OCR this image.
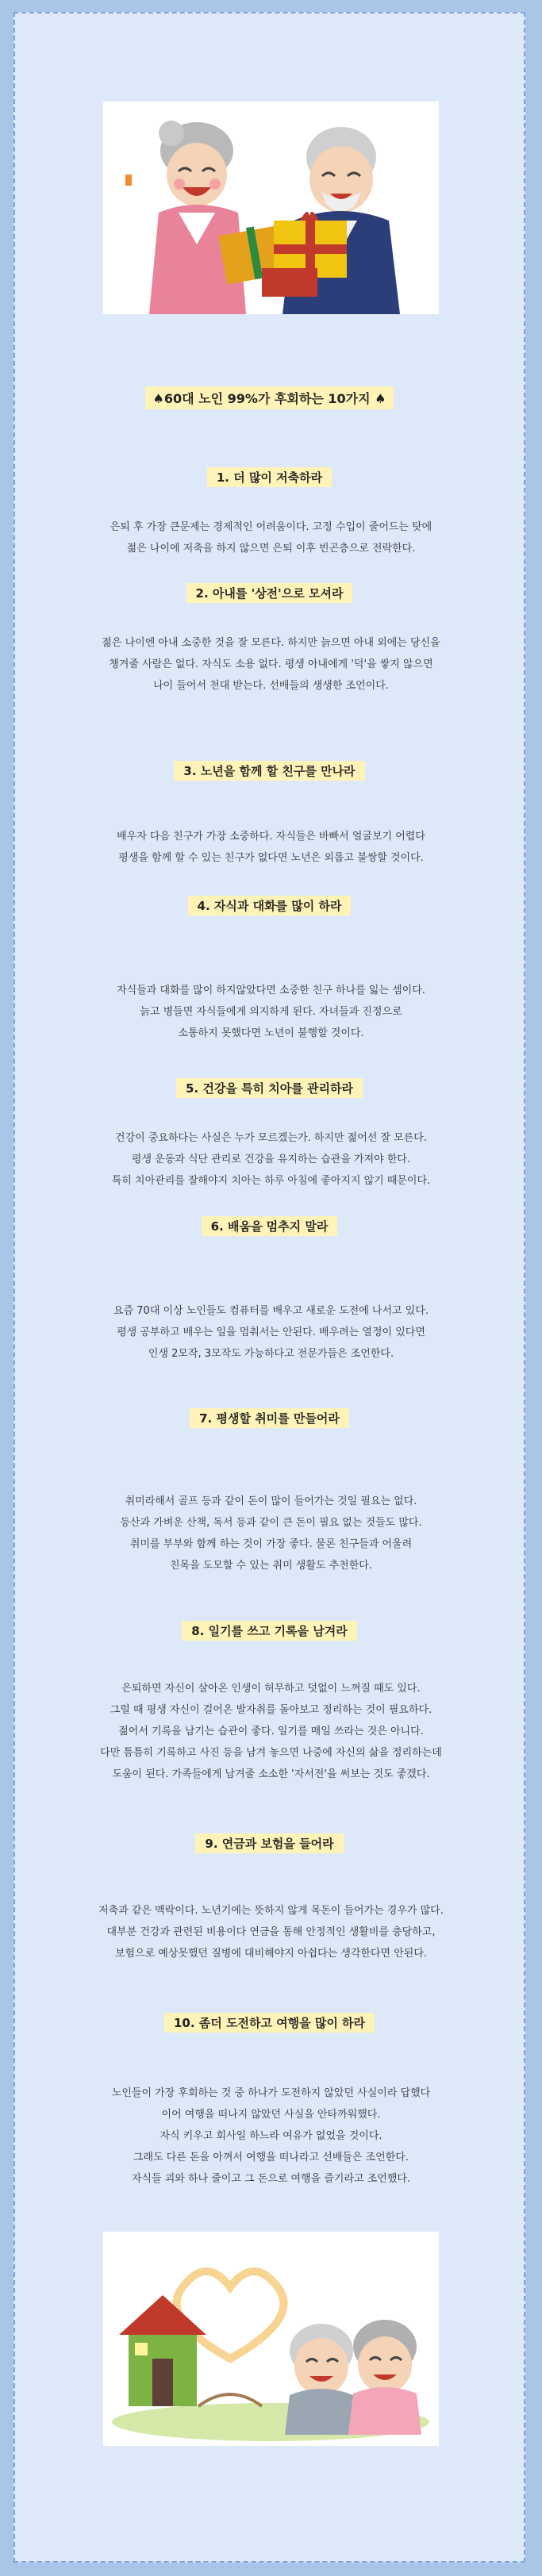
♠60대 노인 99%가 후회하는 10가지 ♠
1. 더 많이 저축하라
은퇴 후 가장 큰문제는 경제적인 어려움이다. 고정 수입이 줄어드는 탓에
젊은 나이에 저축을 하지 않으면 은퇴 이후 빈곤층으로 전락한다.
2. 아내를 '상전'으로 모셔라
젊은 나이엔 아내 소중한 것을 잘 모른다. 하지만 늙으면 아내 외에는 당신을
챙겨줄 사람은 없다. 자식도 소용 없다. 평생 아내에게 '덕'을 쌓지 않으면
나이 들어서 천대 받는다. 선배들의 생생한 조언이다.
3. 노년을 함께 할 친구를 만나라
배우자 다음 친구가 가장 소중하다. 자식들은 바빠서 얼굴보기 어렵다
평생을 함께 할 수 있는 친구가 없다면 노년은 외롭고 불쌍할 것이다.
4. 자식과 대화를 많이 하라
자식들과 대화를 많이 하지않았다면 소중한 친구 하나를 잃는 셈이다.
늙고 병들면 자식들에게 의지하게 된다. 자녀들과 진정으로
소통하지 못했다면 노년이 불행할 것이다.
5. 건강을 특히 치아를 관리하라
건강이 중요하다는 사실은 누가 모르겠는가. 하지만 젊어선 잘 모른다.
평생 운동과 식단 관리로 건강을 유지하는 습관을 가져야 한다.
특히 치아관리를 잘해야지 치아는 하루 아침에 좋아지지 않기 때문이다.
6. 배움을 멈추지 말라
요즘 70대 이상 노인들도 컴퓨터를 배우고 새로운 도전에 나서고 있다.
평생 공부하고 배우는 일을 멈춰서는 안된다. 배우려는 열정이 있다면
인생 2모작, 3모작도 가능하다고 전문가들은 조언한다.
7. 평생할 취미를 만들어라
취미라해서 골프 등과 같이 돈이 많이 들어가는 것일 필요는 없다.
등산과 가벼운 산책, 독서 등과 같이 큰 돈이 필요 없는 것들도 많다.
취미를 부부와 함께 하는 것이 가장 좋다. 물론 친구들과 어울려
친목을 도모할 수 있는 취미 생활도 추천한다.
8. 일기를 쓰고 기록을 남겨라
은퇴하면 자신이 살아온 인생이 허무하고 덧없이 느껴질 때도 있다.
그럴 때 평생 자신이 걸어온 발자취를 돌아보고 정리하는 것이 필요하다.
젊어서 기록을 남기는 습관이 좋다. 일기를 매일 쓰라는 것은 아니다.
다만 틈틈히 기록하고 사진 등을 남겨 놓으면 나중에 자신의 삶을 정리하는데
도움이 된다. 가족들에게 남겨줄 소소한 '자서전'을 써보는 것도 좋겠다.
9. 연금과 보험을 들어라
저축과 같은 맥락이다. 노년기에는 뜻하지 않게 목돈이 들어가는 경우가 많다.
대부분 건강과 관련된 비용이다 연금을 통해 안정적인 생활비를 충당하고,
보험으로 예상못했던 질병에 대비해야지 아쉽다는 생각한다면 안된다.
10. 좀더 도전하고 여행을 많이 하라
노인들이 가장 후회하는 것 중 하나가 도전하지 않았던 사실이라 답했다
이어 여행을 떠나지 않았던 사실을 안타까워했다.
자식 키우고 회사일 하느라 여유가 없었을 것이다.
그래도 다른 돈을 아껴서 여행을 떠나라고 선배들은 조언한다.
자식들 괴와 하나 줄이고 그 돈으로 여행을 즐기라고 조언했다.
